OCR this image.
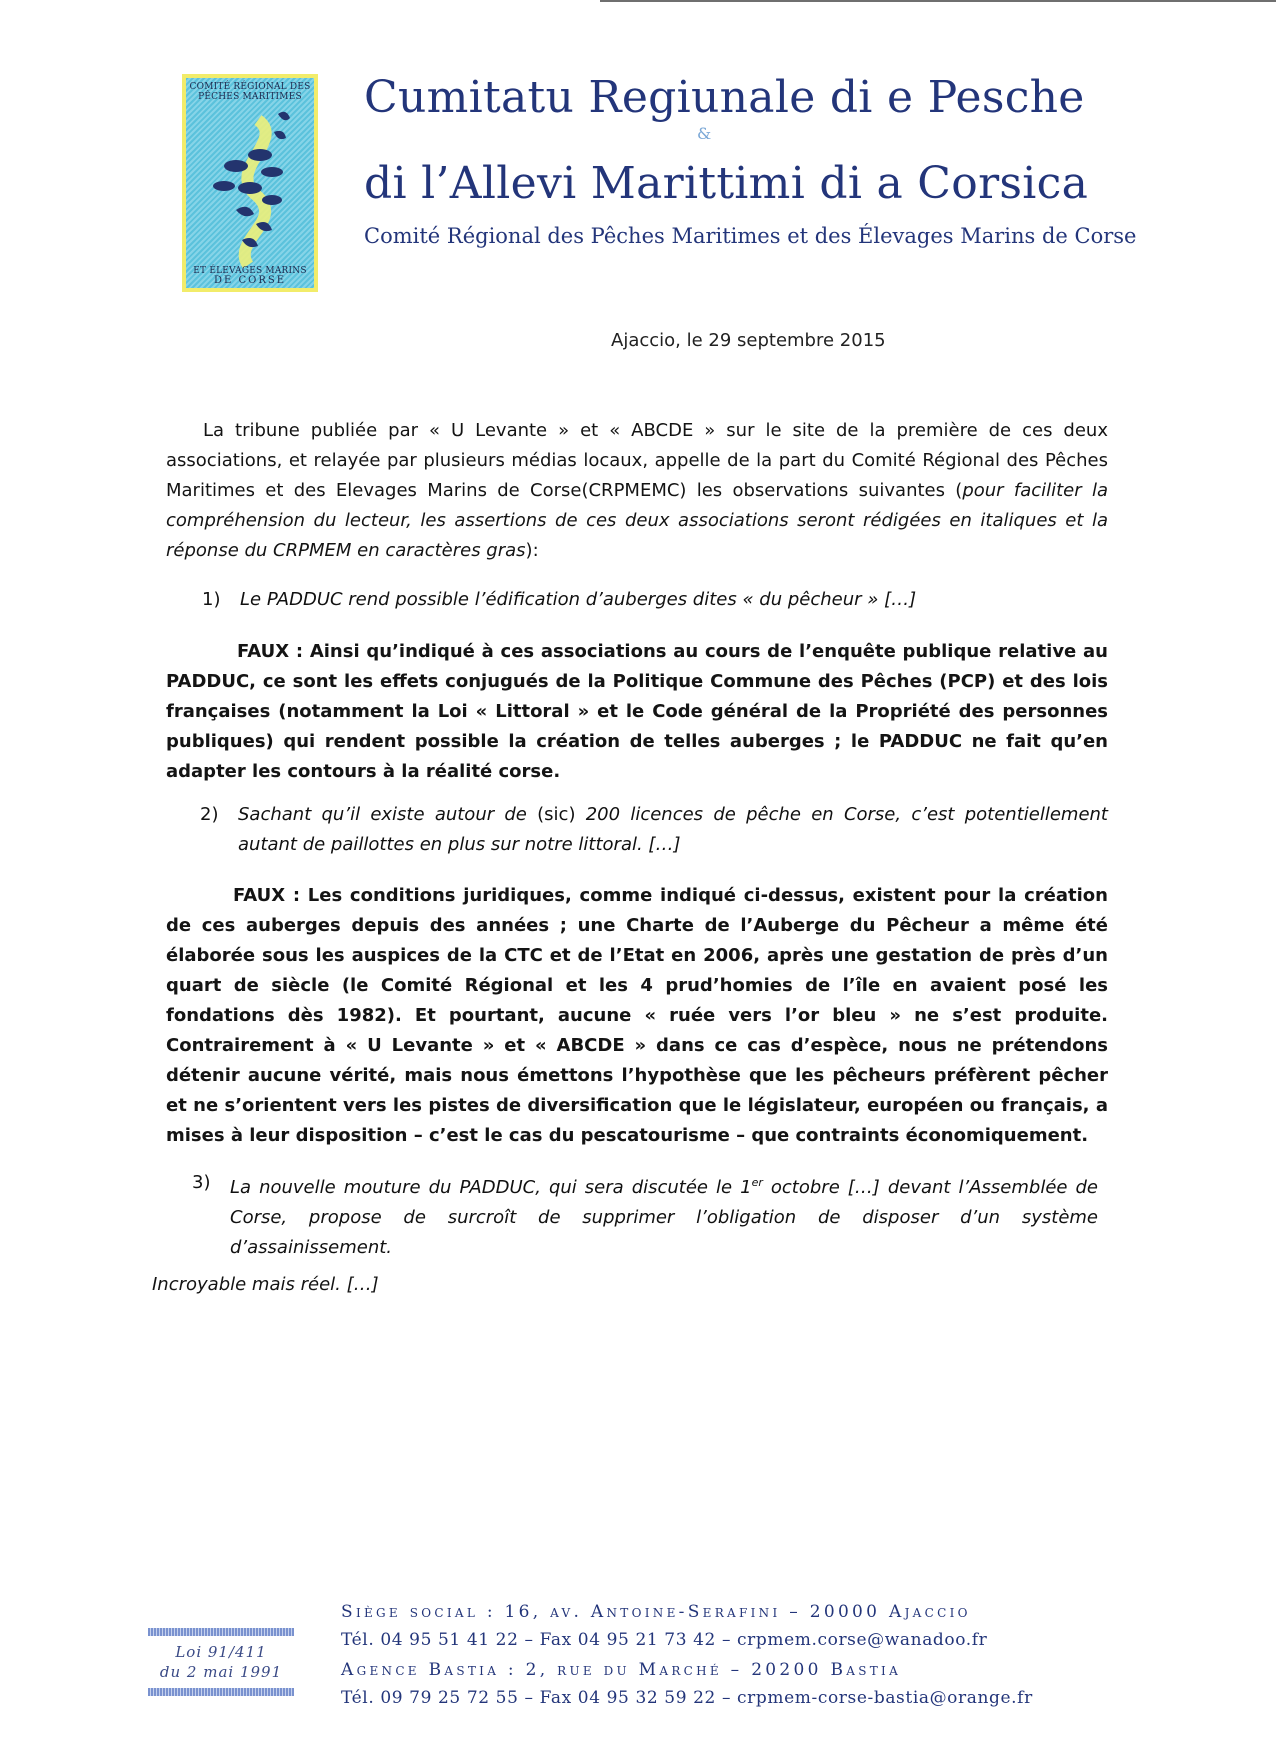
COMITÉ RÉGIONAL DES PÊCHES MARITIMES
ET ÉLEVAGES MARINS
DE CORSE
Cumitatu Regiunale di e Pesche
&
di l’Allevi Marittimi di a Corsica
Comité Régional des Pêches Maritimes et des Élevages Marins de Corse
Ajaccio, le 29 septembre 2015
La tribune publiée par « U Levante » et « ABCDE » sur le site de la première de ces deux associations, et relayée par plusieurs médias locaux, appelle de la part du Comité Régional des Pêches Maritimes et des Elevages Marins de Corse(CRPMEMC) les observations suivantes (pour faciliter la compréhension du lecteur, les assertions de ces deux associations seront rédigées en italiques et la réponse du CRPMEM en caractères gras):
1) Le PADDUC rend possible l’édification d’auberges dites « du pêcheur » […]

FAUX : Ainsi qu’indiqué à ces associations au cours de l’enquête publique relative au PADDUC, ce sont les effets conjugués de la Politique Commune des Pêches (PCP) et des lois françaises (notamment la Loi « Littoral » et le Code général de la Propriété des personnes publiques) qui rendent possible la création de telles auberges ; le PADDUC ne fait qu’en adapter les contours à la réalité corse.

2) Sachant qu’il existe autour de (sic) 200 licences de pêche en Corse, c’est potentiellement autant de paillottes en plus sur notre littoral. […]

FAUX : Les conditions juridiques, comme indiqué ci-dessus, existent pour la création de ces auberges depuis des années ; une Charte de l’Auberge du Pêcheur a même été élaborée sous les auspices de la CTC et de l’Etat en 2006, après une gestation de près d’un quart de siècle (le Comité Régional et les 4 prud’homies de l’île en avaient posé les fondations dès 1982). Et pourtant, aucune « ruée vers l’or bleu » ne s’est produite. Contrairement à « U Levante » et « ABCDE » dans ce cas d’espèce, nous ne prétendons détenir aucune vérité, mais nous émettons l’hypothèse que les pêcheurs préfèrent pêcher et ne s’orientent vers les pistes de diversification que le législateur, européen ou français, a mises à leur disposition – c’est le cas du pescatourisme – que contraints économiquement.

3) La nouvelle mouture du PADDUC, qui sera discutée le 1er octobre […] devant l’Assemblée de Corse, propose de surcroît de supprimer l’obligation de disposer d’un système d’assainissement.
Incroyable mais réel. […]
Loi 91/411
du 2 mai 1991
Siège social : 16, av. Antoine-Serafini – 20000 Ajaccio
Tél. 04 95 51 41 22 – Fax 04 95 21 73 42 – crpmem.corse@wanadoo.fr
Agence Bastia : 2, rue du Marché – 20200 Bastia
Tél. 09 79 25 72 55 – Fax 04 95 32 59 22 – crpmem-corse-bastia@orange.fr
